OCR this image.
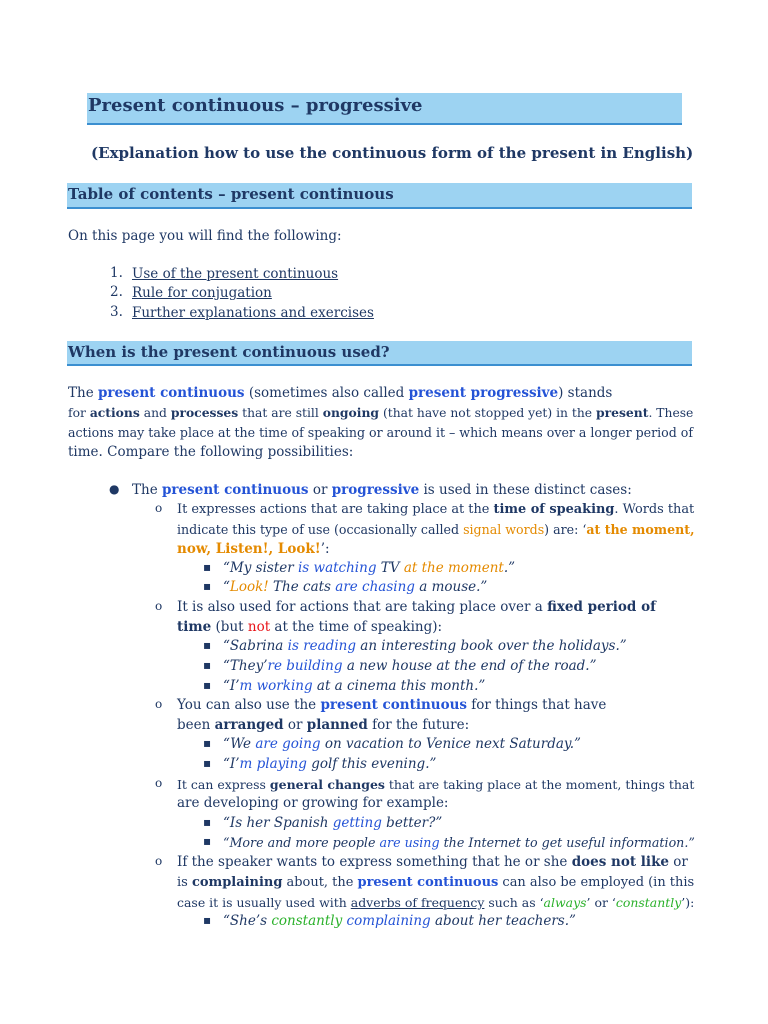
Present continuous – progressive
(Explanation how to use the continuous form of the present in English)
Table of contents – present continuous
On this page you will find the following:
1. Use of the present continuous
2. Rule for conjugation
3. Further explanations and exercises
When is the present continuous used?
The present continuous (sometimes also called present progressive) stands
for actions and processes that are still ongoing (that have not stopped yet) in the present. These
actions may take place at the time of speaking or around it – which means over a longer period of
time. Compare the following possibilities:
● The present continuous or progressive is used in these distinct cases:
o It expresses actions that are taking place at the time of speaking. Words that
indicate this type of use (occasionally called signal words) are: ‘at the moment,
now, Listen!, Look!’:
▪ “My sister is watching TV at the moment.”
▪ “Look! The cats are chasing a mouse.”
o It is also used for actions that are taking place over a fixed period of
time (but not at the time of speaking):
▪ “Sabrina is reading an interesting book over the holidays.”
▪ “They’re building a new house at the end of the road.”
▪ “I’m working at a cinema this month.”
o You can also use the present continuous for things that have
been arranged or planned for the future:
▪ “We are going on vacation to Venice next Saturday.”
▪ “I’m playing golf this evening.”
o It can express general changes that are taking place at the moment, things that
are developing or growing for example:
▪ “Is her Spanish getting better?”
▪ “More and more people are using the Internet to get useful information.”
o If the speaker wants to express something that he or she does not like or
is complaining about, the present continuous can also be employed (in this
case it is usually used with adverbs of frequency such as ‘always’ or ‘constantly’):
▪ “She’s constantly complaining about her teachers.”
